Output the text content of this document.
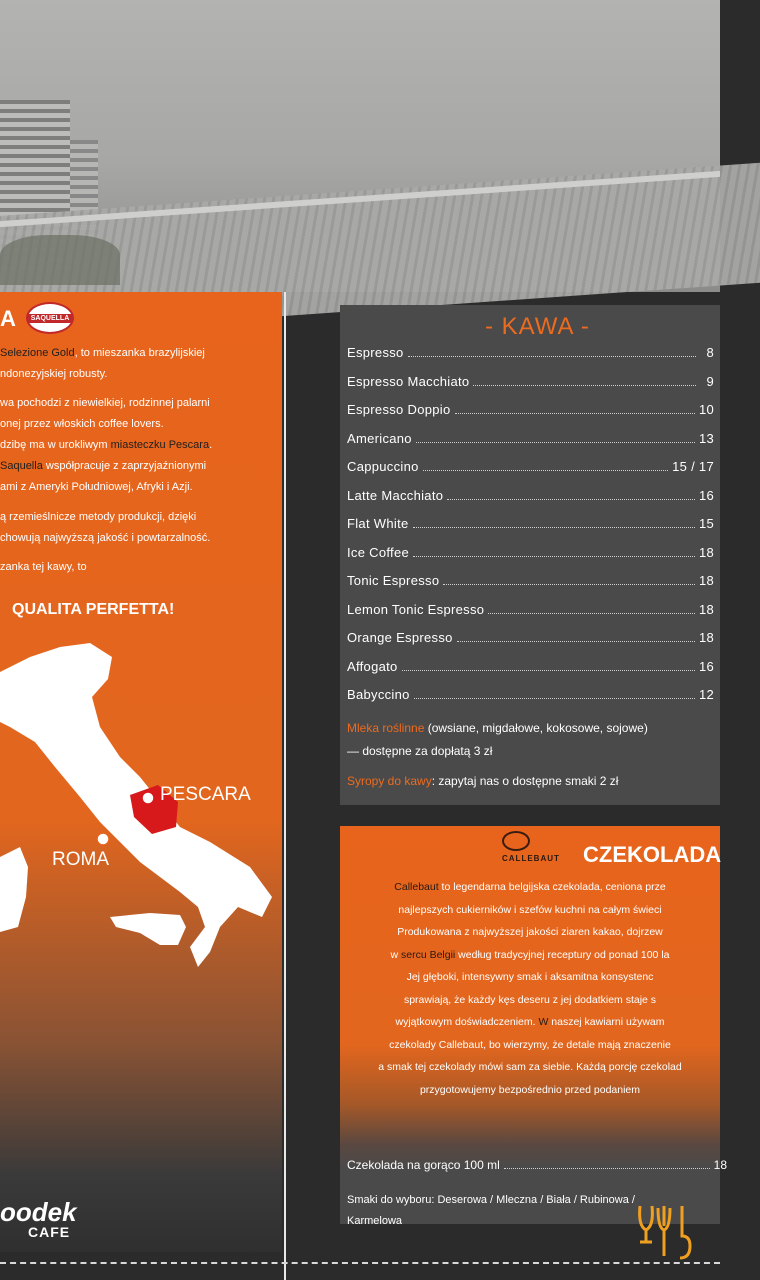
A	SAQUELLA

Selezione Gold, to mieszanka brazylijskiej
ndonezyjskiej robusty.

wa pochodzi z niewielkiej, rodzinnej palarni
onej przez włoskich coffee lovers.
dzibę ma w urokliwym miasteczku Pescara.
Saquella współpracuje z zaprzyjaźnionymi
ami z Ameryki Południowej, Afryki i Azji.

ą rzemieślnicze metody produkcji, dzięki
chowują najwyższą jakość i powtarzalność.

zanka tej kawy, to

QUALITA PERFETTA!
PESCARA
ROMA
oodek
CAFE
- KAWA -
Espresso	8
Espresso Macchiato	9
Espresso Doppio	10
Americano	13
Cappuccino	15 / 17
Latte Macchiato	16
Flat White	15
Ice Coffee	18
Tonic Espresso	18
Lemon Tonic Espresso	18
Orange Espresso	18
Affogato	16
Babyccino	12
Mleka roślinne (owsiane, migdałowe, kokosowe, sojowe)
— dostępne za dopłatą 3 zł
Syropy do kawy: zapytaj nas o dostępne smaki 2 zł
CALLEBAUT CZEKOLADA
Callebaut to legendarna belgijska czekolada, ceniona prze
najlepszych cukierników i szefów kuchni na całym świeci
Produkowana z najwyższej jakości ziaren kakao, dojrzew
w sercu Belgii według tradycyjnej receptury od ponad 100 la
Jej głęboki, intensywny smak i aksamitna konsystenc
sprawiają, że każdy kęs deseru z jej dodatkiem staje s
wyjątkowym doświadczeniem. W naszej kawiarni używam
czekolady Callebaut, bo wierzymy, że detale mają znaczenie
a smak tej czekolady mówi sam za siebie. Każdą porcję czekolad
przygotowujemy bezpośrednio przed podaniem
Czekolada na gorąco 100 ml	18
Smaki do wyboru: Deserowa / Mleczna / Biała / Rubinowa /
Karmelowa
